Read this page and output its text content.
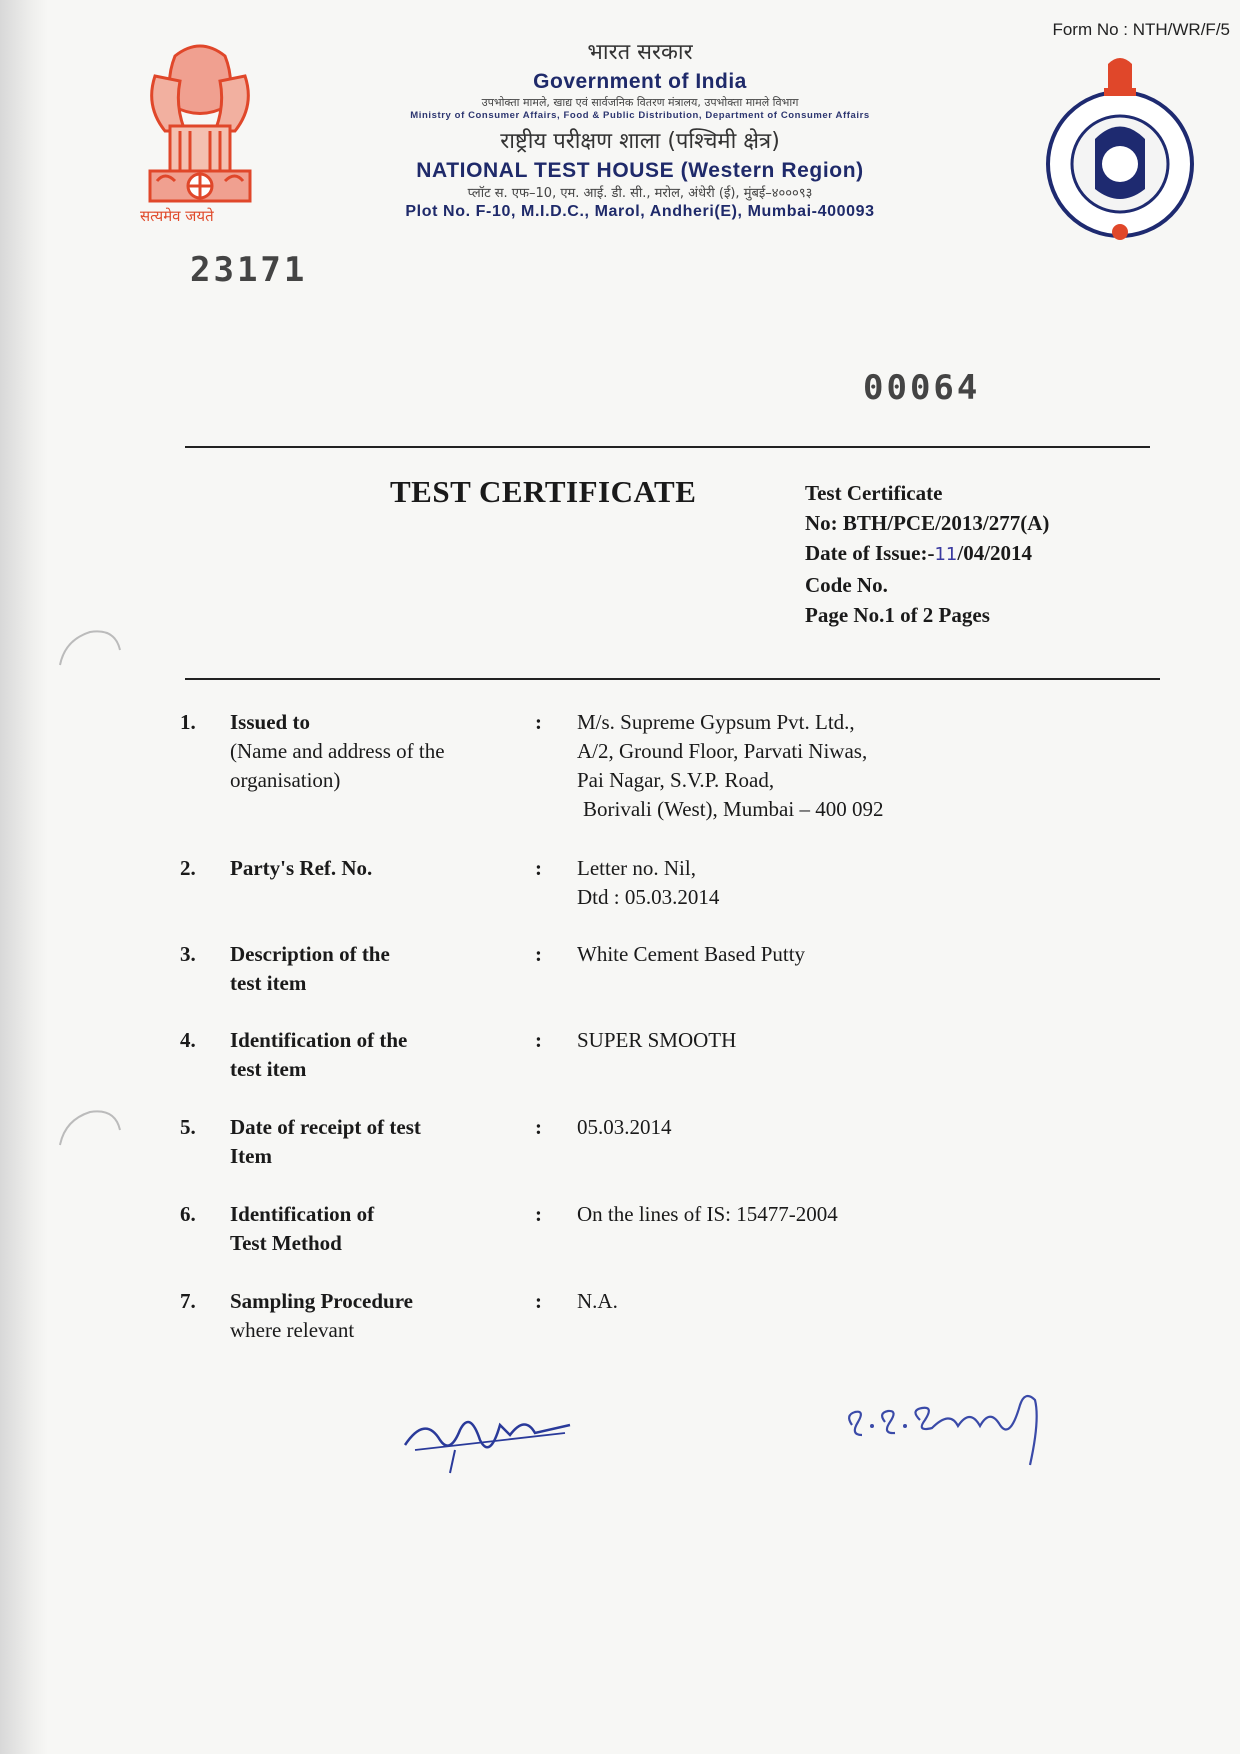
Form No : NTH/WR/F/5
सत्यमेव जयते
भारत सरकार
Government of India
उपभोक्ता मामले, खाद्य एवं सार्वजनिक वितरण मंत्रालय, उपभोक्ता मामले विभाग
Ministry of Consumer Affairs, Food & Public Distribution, Department of Consumer Affairs
राष्ट्रीय परीक्षण शाला (पश्चिमी क्षेत्र)
NATIONAL TEST HOUSE (Western Region)
प्लॉट स. एफ–10, एम. आई. डी. सी., मरोल, अंधेरी (ई), मुंबई–४०००९३
Plot No. F-10, M.I.D.C., Marol, Andheri(E), Mumbai-400093
23171
00064
TEST CERTIFICATE	Test Certificate
No: BTH/PCE/2013/277(A)
Date of Issue:-11/04/2014
Code No.
Page No.1 of 2 Pages
1. Issued to
(Name and address of the
organisation)
: M/s. Supreme Gypsum Pvt. Ltd.,
A/2, Ground Floor, Parvati Niwas,
Pai Nagar, S.V.P. Road,
Borivali (West), Mumbai – 400 092
2. Party's Ref. No.	: Letter no. Nil,
Dtd : 05.03.2014
3. Description of the
test item
: White Cement Based Putty
4. Identification of the
test item
: SUPER SMOOTH
5. Date of receipt of test
Item
: 05.03.2014
6. Identification of
Test Method
: On the lines of IS: 15477-2004
7. Sampling Procedure
where relevant
: N.A.
